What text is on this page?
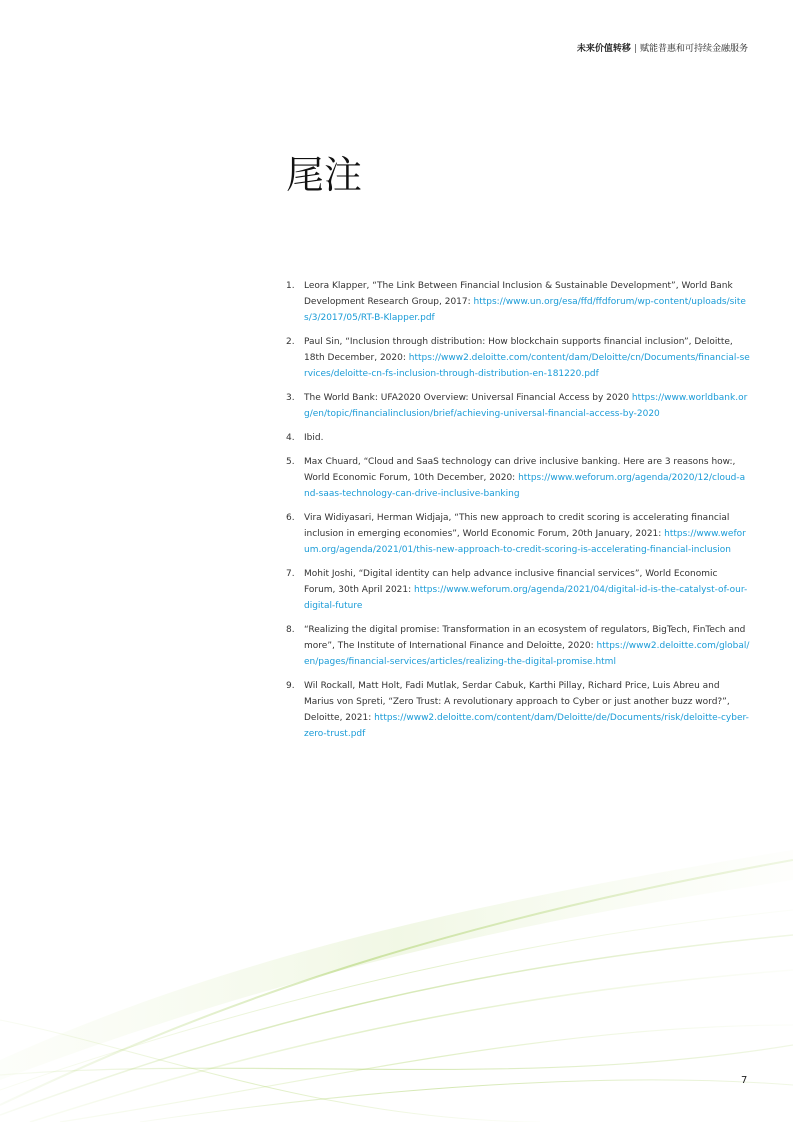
未来价值转移 | 赋能普惠和可持续金融服务
尾注
1. Leora Klapper, “The Link Between Financial Inclusion & Sustainable Development”, World Bank Development Research Group, 2017: https://www.un.org/esa/ffd/ffdforum/wp-content/uploads/sites/3/2017/05/RT-B-Klapper.pdf
2. Paul Sin, “Inclusion through distribution: How blockchain supports financial inclusion”, Deloitte, 18th December, 2020: https://www2.deloitte.com/content/dam/Deloitte/cn/Documents/financial-services/deloitte-cn-fs-inclusion-through-distribution-en-181220.pdf
3. The World Bank: UFA2020 Overview: Universal Financial Access by 2020 https://www.worldbank.org/en/topic/financialinclusion/brief/achieving-universal-financial-access-by-2020
4. Ibid.
5. Max Chuard, “Cloud and SaaS technology can drive inclusive banking. Here are 3 reasons how:, World Economic Forum, 10th December, 2020: https://www.weforum.org/agenda/2020/12/cloud-and-saas-technology-can-drive-inclusive-banking
6. Vira Widiyasari, Herman Widjaja, “This new approach to credit scoring is accelerating financial inclusion in emerging economies”, World Economic Forum, 20th January, 2021: https://www.weforum.org/agenda/2021/01/this-new-approach-to-credit-scoring-is-accelerating-financial-inclusion
7. Mohit Joshi, “Digital identity can help advance inclusive financial services”, World Economic Forum, 30th April 2021: https://www.weforum.org/agenda/2021/04/digital-id-is-the-catalyst-of-our-digital-future
8. “Realizing the digital promise: Transformation in an ecosystem of regulators, BigTech, FinTech and more”, The Institute of International Finance and Deloitte, 2020: https://www2.deloitte.com/global/en/pages/financial-services/articles/realizing-the-digital-promise.html
9. Wil Rockall, Matt Holt, Fadi Mutlak, Serdar Cabuk, Karthi Pillay, Richard Price, Luis Abreu and Marius von Spreti, “Zero Trust: A revolutionary approach to Cyber or just another buzz word?”, Deloitte, 2021: https://www2.deloitte.com/content/dam/Deloitte/de/Documents/risk/deloitte-cyber-zero-trust.pdf
7
